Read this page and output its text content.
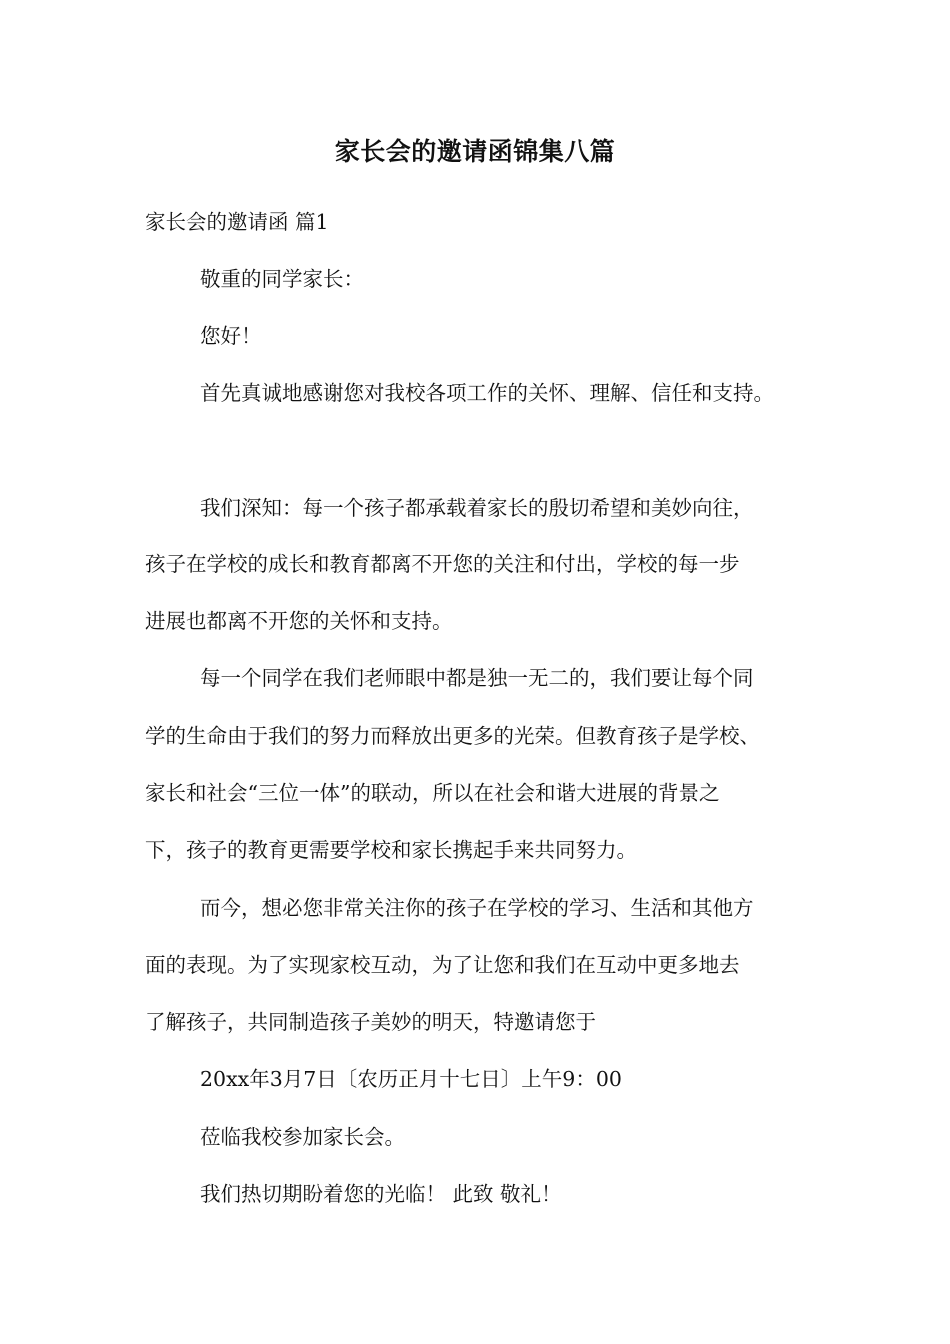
家长会的邀请函锦集八篇
家长会的邀请函 篇1
敬重的同学家长：
您好！
首先真诚地感谢您对我校各项工作的关怀、理解、信任和支持。
我们深知：每一个孩子都承载着家长的殷切希望和美妙向往，
孩子在学校的成长和教育都离不开您的关注和付出，学校的每一步
进展也都离不开您的关怀和支持。
每一个同学在我们老师眼中都是独一无二的，我们要让每个同
学的生命由于我们的努力而释放出更多的光荣。但教育孩子是学校、
家长和社会“三位一体”的联动，所以在社会和谐大进展的背景之
下，孩子的教育更需要学校和家长携起手来共同努力。
而今，想必您非常关注你的孩子在学校的学习、生活和其他方
面的表现。为了实现家校互动，为了让您和我们在互动中更多地去
了解孩子，共同制造孩子美妙的明天，特邀请您于
20xx年3月7日〔农历正月十七日〕上午9：00
莅临我校参加家长会。
我们热切期盼着您的光临！ 此致 敬礼！
